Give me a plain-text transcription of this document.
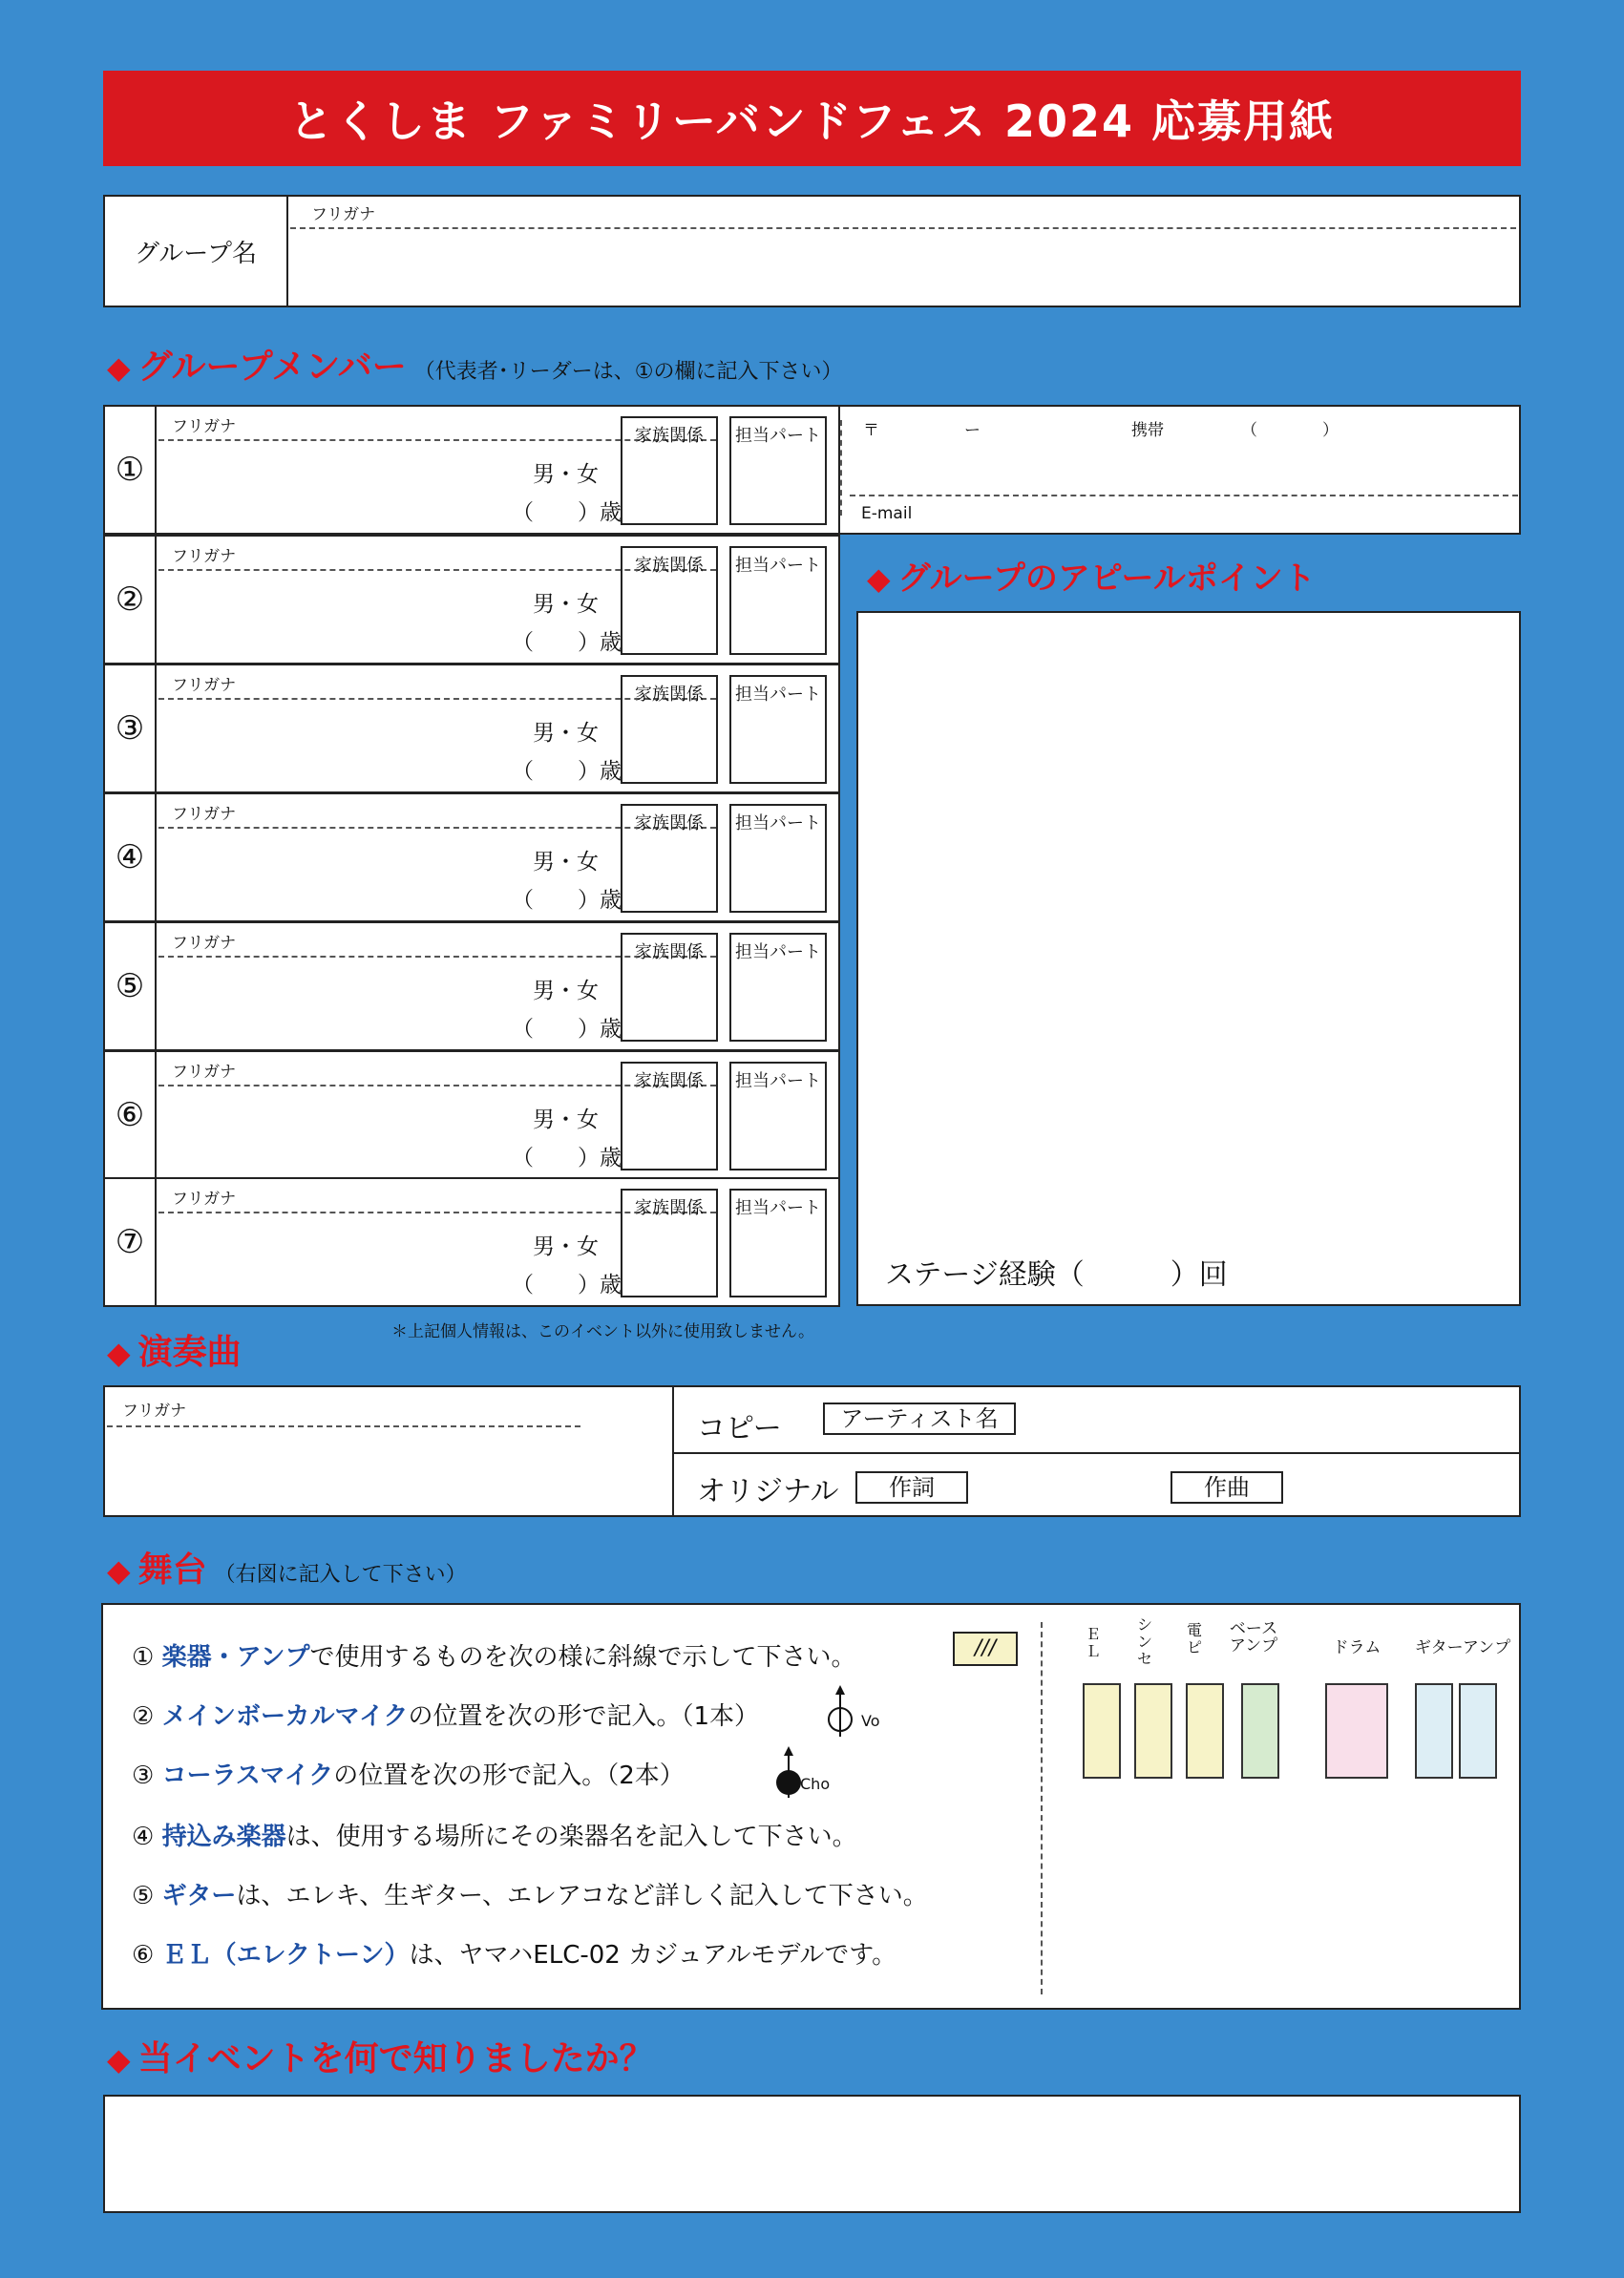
とくしま ファミリーバンドフェス 2024 応募用紙
グループ名
フリガナ
◆ グループメンバー （代表者･リーダーは、①の欄に記入下さい）
①
フリガナ
男・女
（　　）歳
家族関係	担当パート
②
フリガナ
男・女
（　　）歳
家族関係	担当パート
③
フリガナ
男・女
（　　）歳
家族関係	担当パート
④
フリガナ
男・女
（　　）歳
家族関係	担当パート
⑤
フリガナ
男・女
（　　）歳
家族関係	担当パート
⑥
フリガナ
男・女
（　　）歳
家族関係	担当パート
⑦
フリガナ
男・女
（　　）歳
家族関係	担当パート
〒	ー	携帯	（　　　　）
E-mail
◆ グループのアピールポイント
ステージ経験（　　　）回
＊上記個人情報は、このイベント以外に使用致しません。
◆ 演奏曲
フリガナ
コピー	アーティスト名
オリジナル	作詞	作曲
◆ 舞台 （右図に記入して下さい）
① 楽器・アンプで使用するものを次の様に斜線で示して下さい。
② メインボーカルマイクの位置を次の形で記入。（1本）
③ コーラスマイクの位置を次の形で記入。（2本）
④ 持込み楽器は、使用する場所にその楽器名を記入して下さい。
⑤ ギターは、エレキ、生ギター、エレアコなど詳しく記入して下さい。
⑥ ＥＬ（エレクトーン）は、ヤマハELC-02 カジュアルモデルです。
///
Vo
Cho
ＥＬ
シンセ
電ピ
ベース
アンプ	ドラム	ギターアンプ
◆ 当イベントを何で知りましたか？
